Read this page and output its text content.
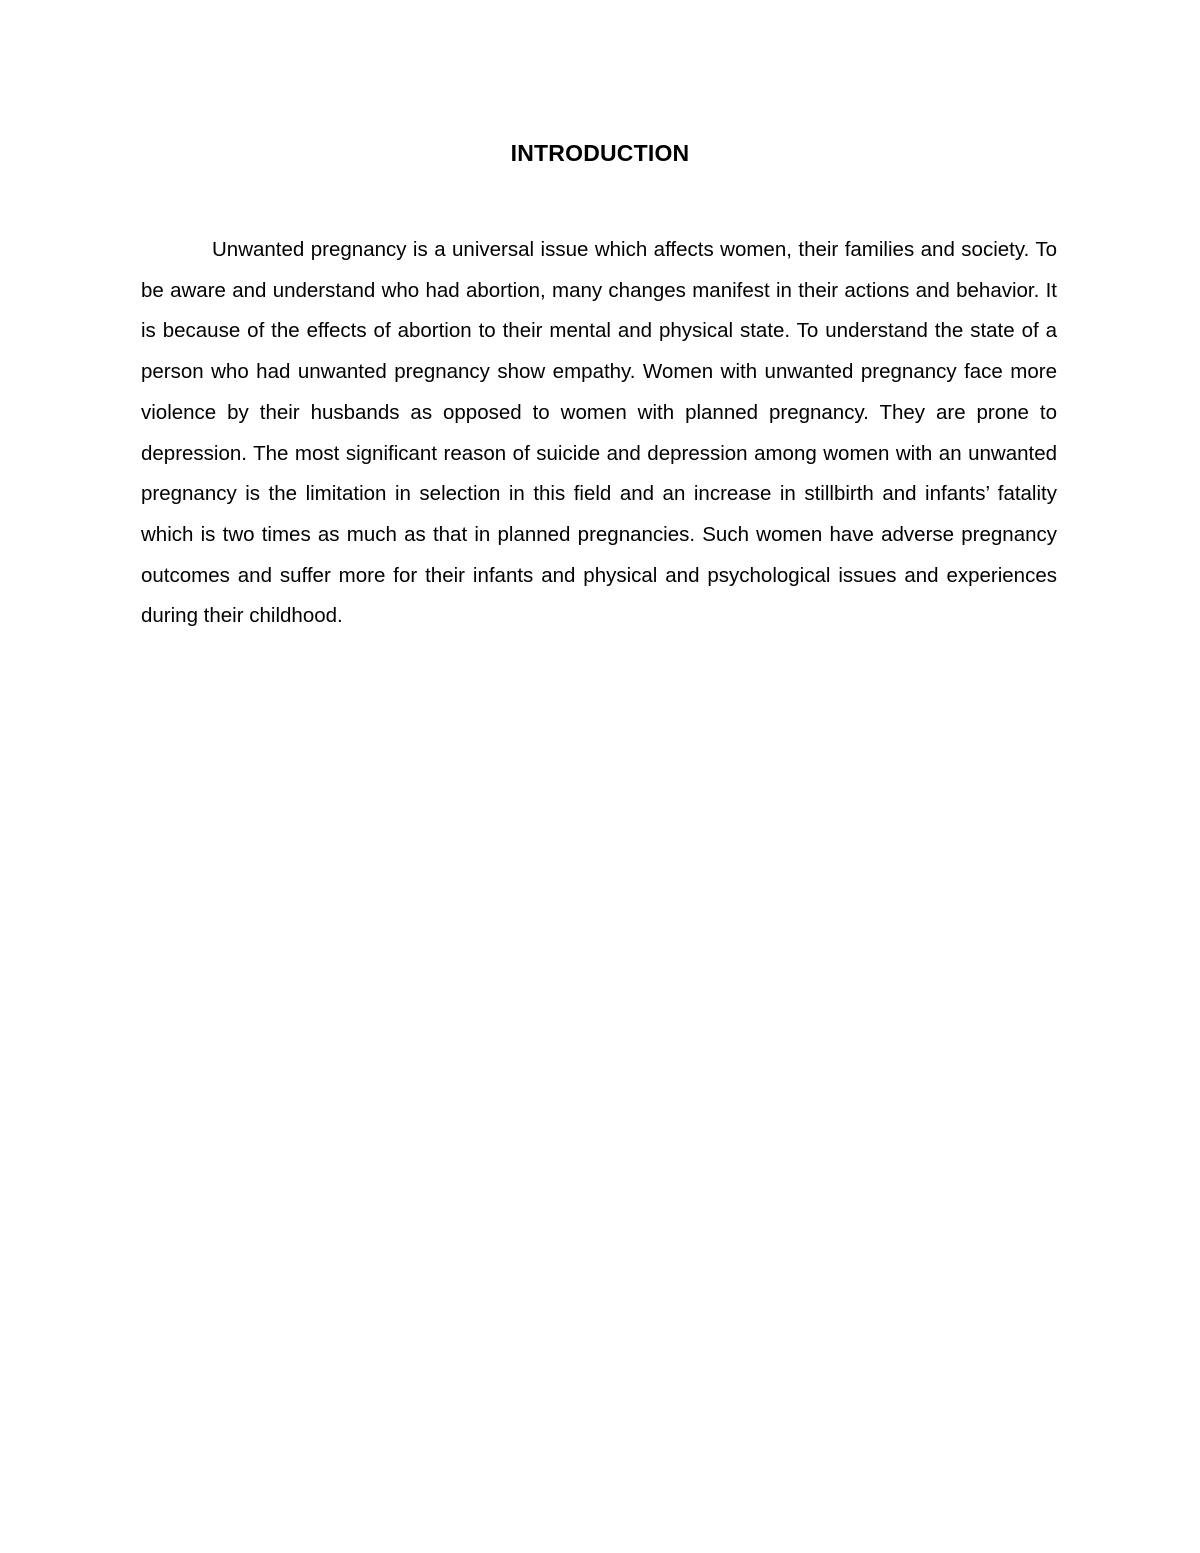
INTRODUCTION

Unwanted pregnancy is a universal issue which affects women, their families and society. To be aware and understand who had abortion, many changes manifest in their actions and behavior. It is because of the effects of abortion to their mental and physical state. To understand the state of a person who had unwanted pregnancy show empathy. Women with unwanted pregnancy face more violence by their husbands as opposed to women with planned pregnancy. They are prone to depression. The most significant reason of suicide and depression among women with an unwanted pregnancy is the limitation in selection in this field and an increase in stillbirth and infants’ fatality which is two times as much as that in planned pregnancies. Such women have adverse pregnancy outcomes and suffer more for their infants and physical and psychological issues and experiences during their childhood.
